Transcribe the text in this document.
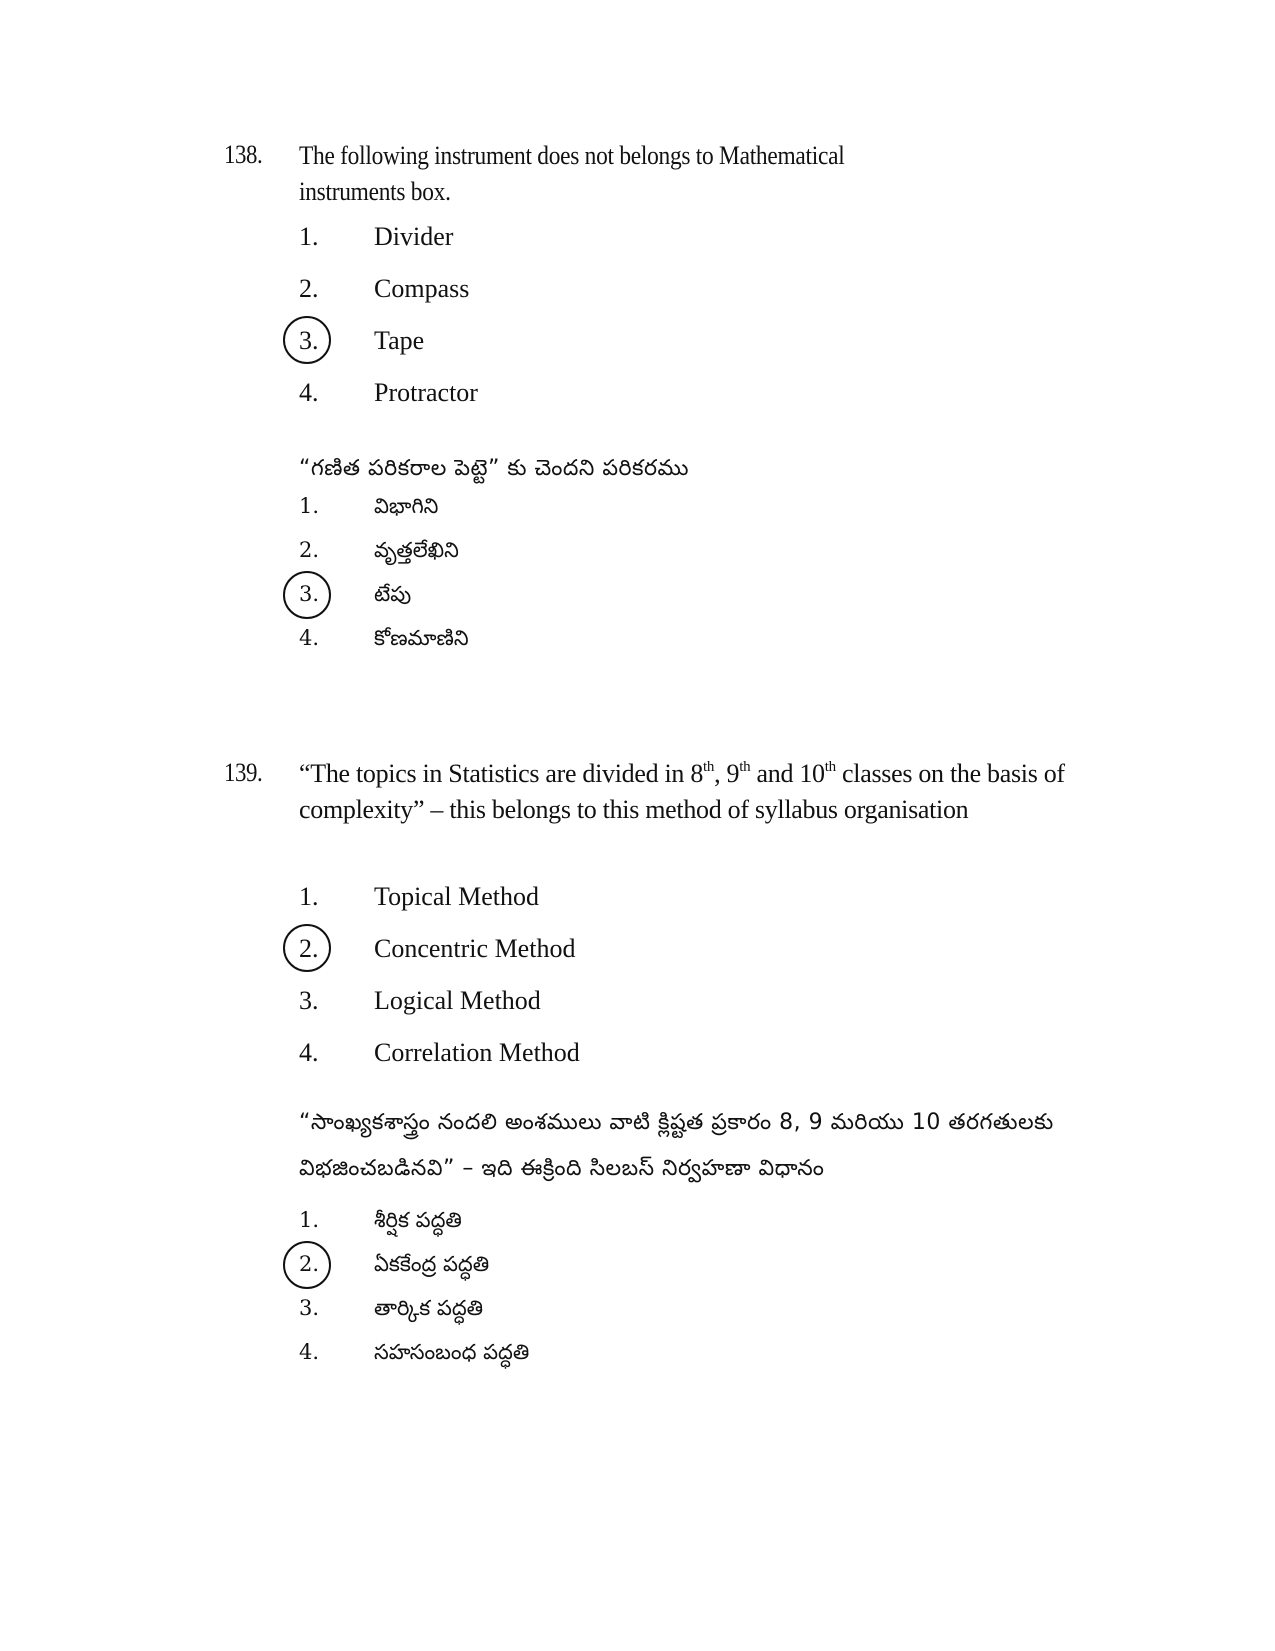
138. The following instrument does not belongs to Mathematical instruments box.
1.	Divider
2.	Compass
3.	Tape
4.	Protractor
“గణిత పరికరాల పెట్టె” కు చెందని పరికరము
1.	విభాగిని
2.	వృత్తలేఖిని
3.	టేపు
4.	కోణమాణిని
139. “The topics in Statistics are divided in 8th, 9th and 10th classes on the basis of complexity” – this belongs to this method of syllabus organisation
1.	Topical Method
2.	Concentric Method
3.	Logical Method
4.	Correlation Method
“సాంఖ్యకశాస్త్రం నందలి అంశములు వాటి క్లిష్టత ప్రకారం 8, 9 మరియు 10 తరగతులకు విభజించబడినవి” – ఇది ఈక్రింది సిలబస్ నిర్వహణా విధానం
1.	శీర్షిక పద్ధతి
2.	ఏకకేంద్ర పద్ధతి
3.	తార్కిక పద్ధతి
4.	సహసంబంధ పద్ధతి
